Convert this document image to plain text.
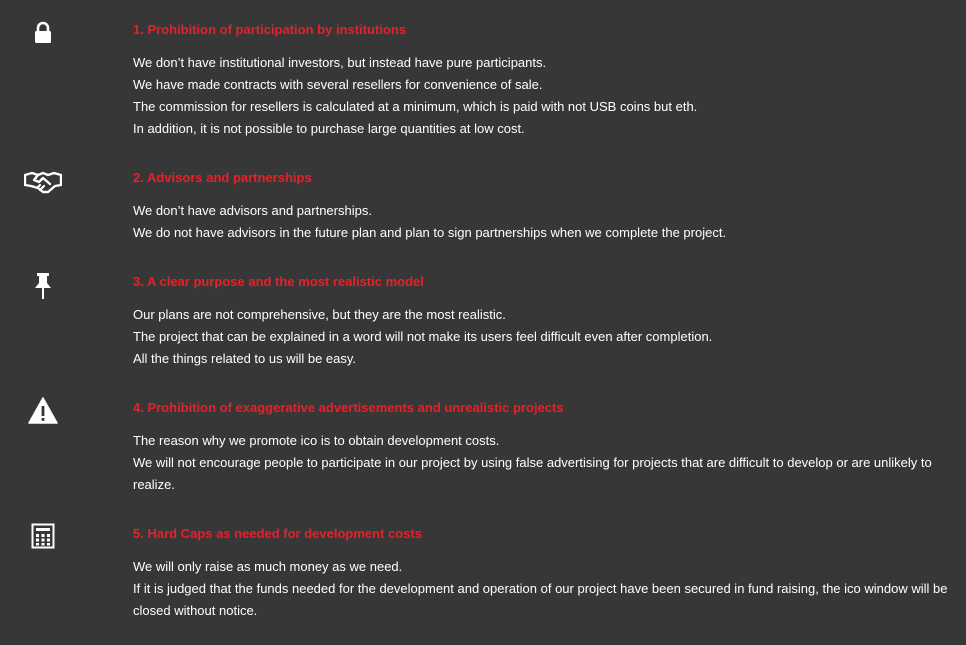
1. Prohibition of participation by institutions
We don’t have institutional investors, but instead have pure participants.
We have made contracts with several resellers for convenience of sale.
The commission for resellers is calculated at a minimum, which is paid with not USB coins but eth.
In addition, it is not possible to purchase large quantities at low cost.
2. Advisors and partnerships
We don’t have advisors and partnerships.
We do not have advisors in the future plan and plan to sign partnerships when we complete the project.
3. A clear purpose and the most realistic model
Our plans are not comprehensive, but they are the most realistic.
The project that can be explained in a word will not make its users feel difficult even after completion.
All the things related to us will be easy.
4. Prohibition of exaggerative advertisements and unrealistic projects
The reason why we promote ico is to obtain development costs.
We will not encourage people to participate in our project by using false advertising for projects that are difficult to develop or are unlikely to realize.
5. Hard Caps as needed for development costs
We will only raise as much money as we need.
If it is judged that the funds needed for the development and operation of our project have been secured in fund raising, the ico window will be closed without notice.
